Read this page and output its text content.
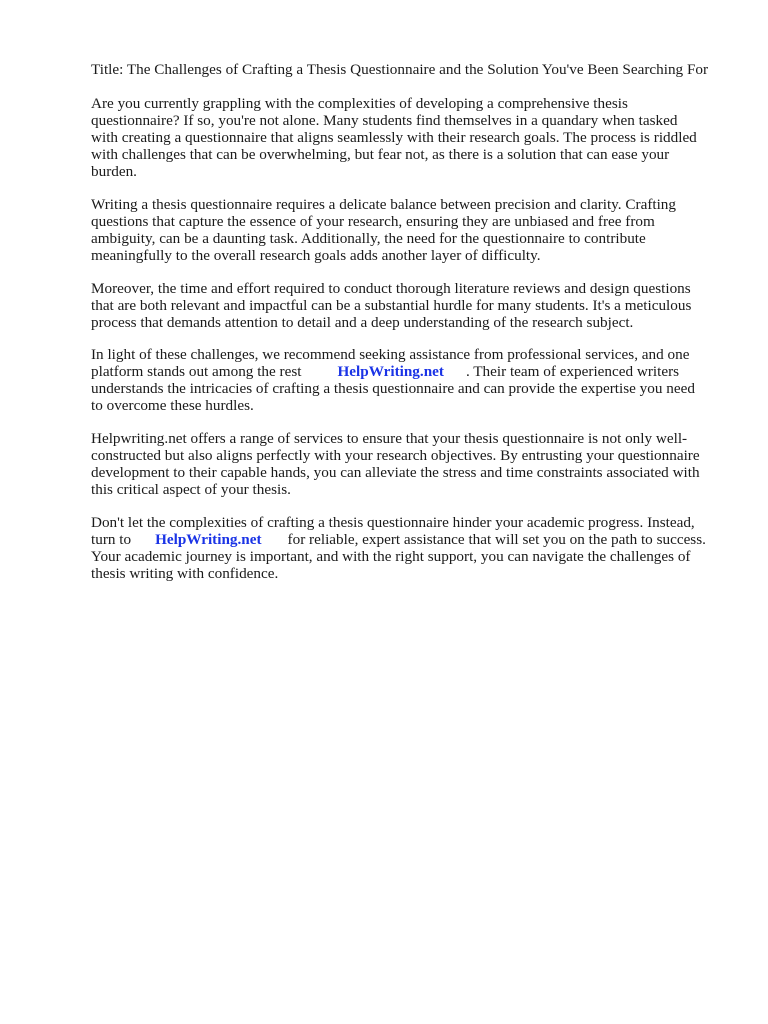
Title: The Challenges of Crafting a Thesis Questionnaire and the Solution You've Been Searching For
Are you currently grappling with the complexities of developing a comprehensive thesis
questionnaire? If so, you're not alone. Many students find themselves in a quandary when tasked
with creating a questionnaire that aligns seamlessly with their research goals. The process is riddled
with challenges that can be overwhelming, but fear not, as there is a solution that can ease your
burden.
Writing a thesis questionnaire requires a delicate balance between precision and clarity. Crafting
questions that capture the essence of your research, ensuring they are unbiased and free from
ambiguity, can be a daunting task. Additionally, the need for the questionnaire to contribute
meaningfully to the overall research goals adds another layer of difficulty.
Moreover, the time and effort required to conduct thorough literature reviews and design questions
that are both relevant and impactful can be a substantial hurdle for many students. It's a meticulous
process that demands attention to detail and a deep understanding of the research subject.
In light of these challenges, we recommend seeking assistance from professional services, and one
platform stands out among the rest HelpWriting.net . Their team of experienced writers
understands the intricacies of crafting a thesis questionnaire and can provide the expertise you need
to overcome these hurdles.
Helpwriting.net offers a range of services to ensure that your thesis questionnaire is not only well-
constructed but also aligns perfectly with your research objectives. By entrusting your questionnaire
development to their capable hands, you can alleviate the stress and time constraints associated with
this critical aspect of your thesis.
Don't let the complexities of crafting a thesis questionnaire hinder your academic progress. Instead,
turn to HelpWriting.net for reliable, expert assistance that will set you on the path to success.
Your academic journey is important, and with the right support, you can navigate the challenges of
thesis writing with confidence.
